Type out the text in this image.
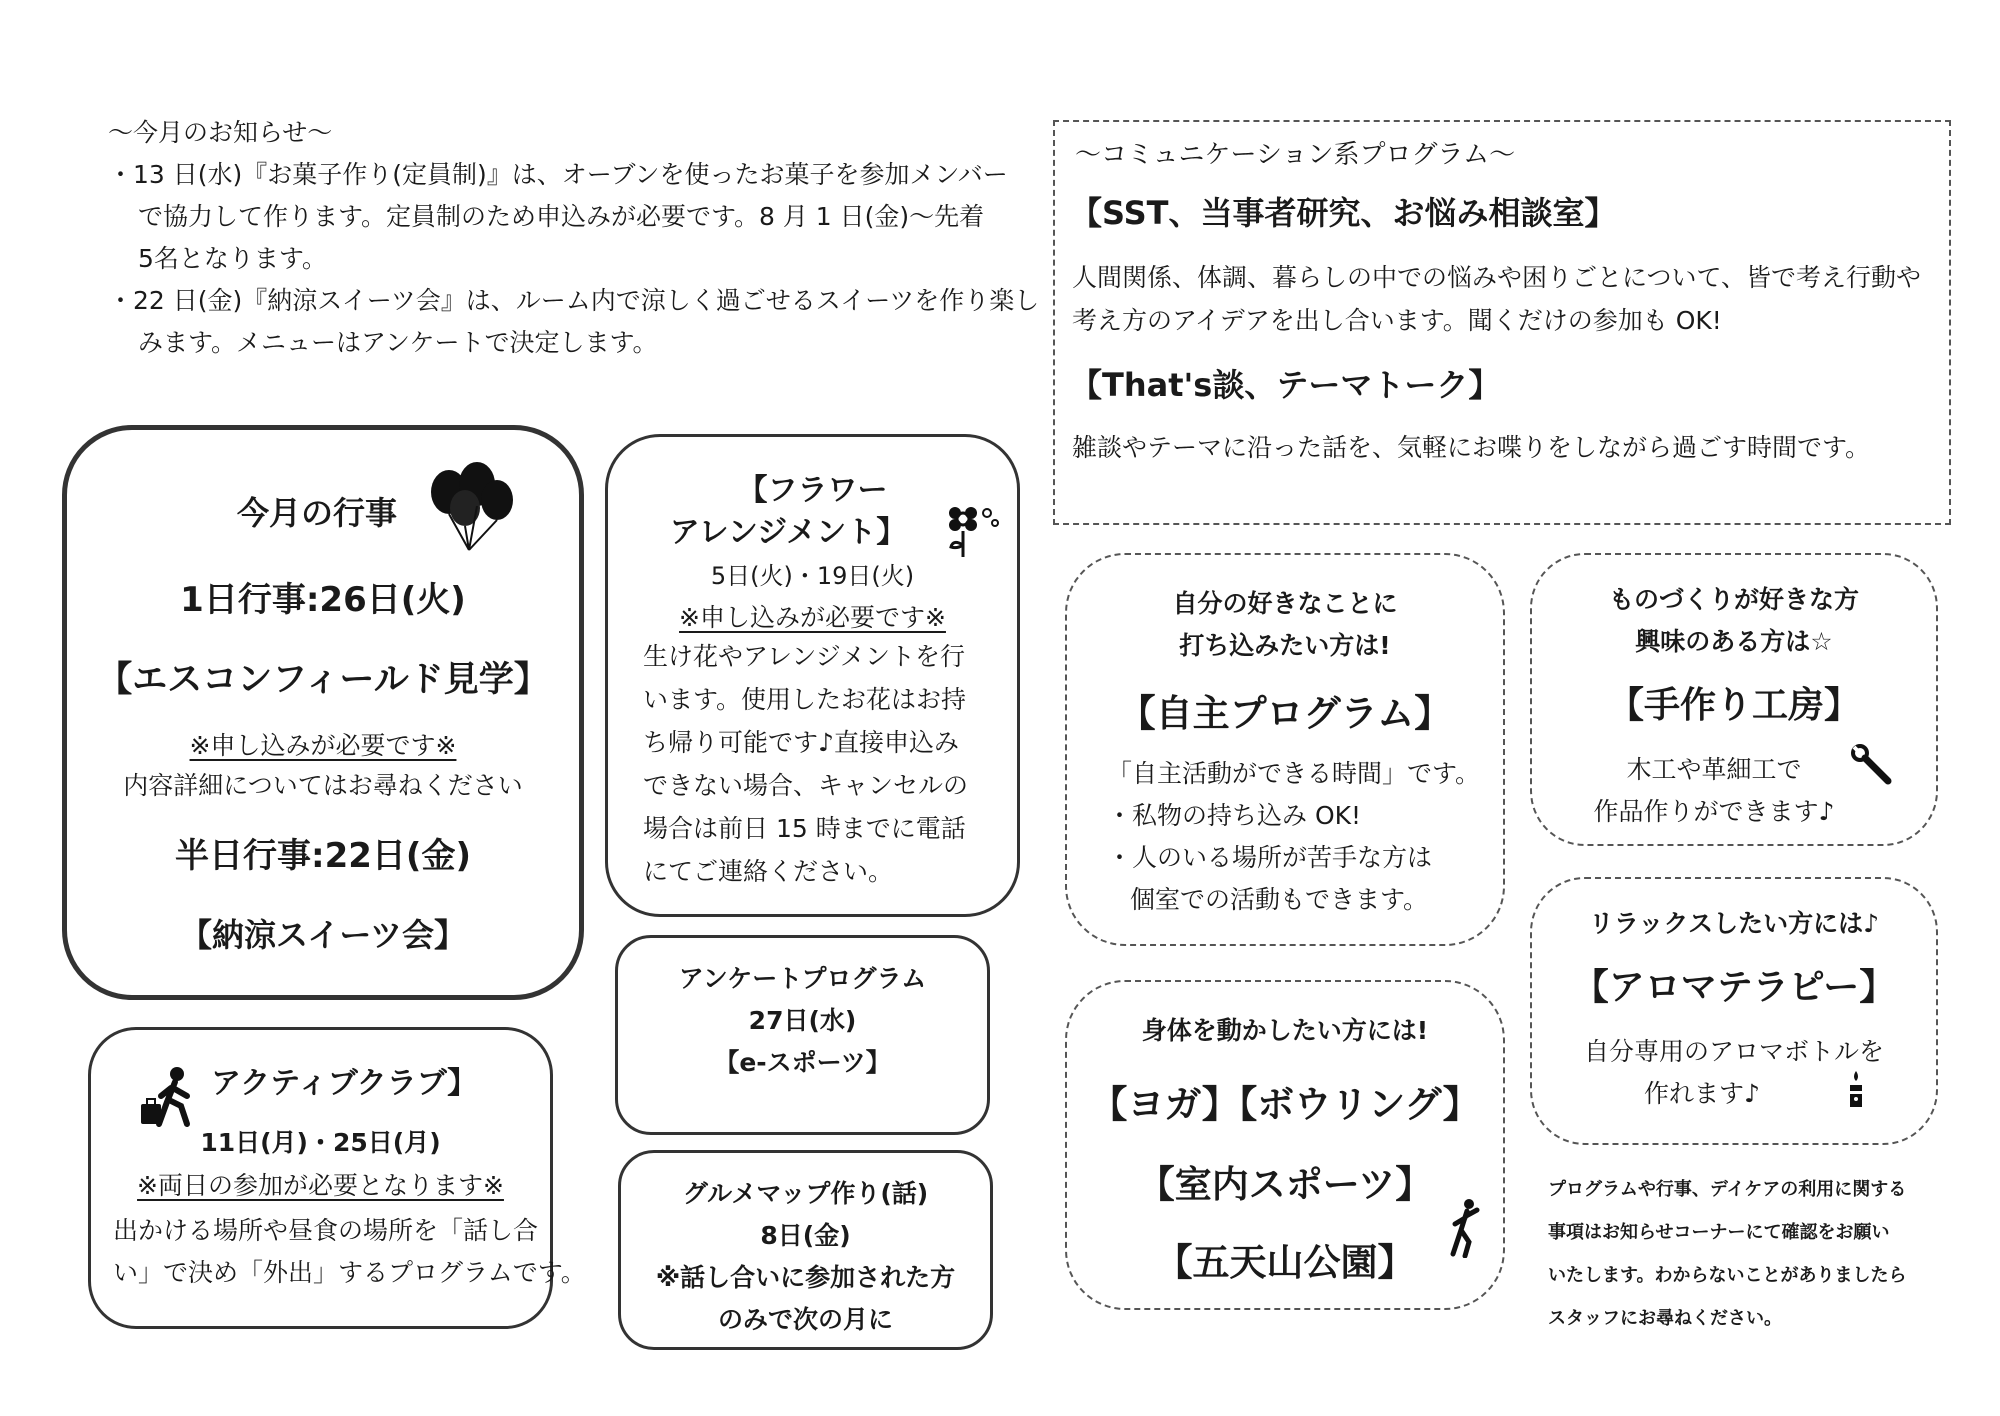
〜今月のお知らせ〜
・13 日(水)『お菓子作り(定員制)』は、オーブンを使ったお菓子を参加メンバー
で協力して作ります。定員制のため申込みが必要です。8 月 1 日(金)〜先着
5名となります。
・22 日(金)『納涼スイーツ会』は、ルーム内で涼しく過ごせるスイーツを作り楽し
みます。メニューはアンケートで決定します。
今月の行事
1日行事:26日(火)
【エスコンフィールド見学】
※申し込みが必要です※
内容詳細についてはお尋ねください
半日行事:22日(金)
【納涼スイーツ会】
アクティブクラブ】
11日(月)・25日(月)
※両日の参加が必要となります※
出かける場所や昼食の場所を「話し合
い」で決め「外出」するプログラムです。
【フラワー
アレンジメント】
5日(火)・19日(火)
※申し込みが必要です※
生け花やアレンジメントを行
います。使用したお花はお持
ち帰り可能です♪直接申込み
できない場合、キャンセルの
場合は前日 15 時までに電話
にてご連絡ください。
アンケートプログラム
27日(水)
【e-スポーツ】
グルメマップ作り(話)
8日(金)
※話し合いに参加された方
のみで次の月に
〜コミュニケーション系プログラム〜
【SST、当事者研究、お悩み相談室】
人間関係、体調、暮らしの中での悩みや困りごとについて、皆で考え行動や
考え方のアイデアを出し合います。聞くだけの参加も OK!
【That's談、テーマトーク】
雑談やテーマに沿った話を、気軽にお喋りをしながら過ごす時間です。
自分の好きなことに
打ち込みたい方は!
【自主プログラム】
「自主活動ができる時間」です。
・私物の持ち込み OK!
・人のいる場所が苦手な方は
個室での活動もできます。
ものづくりが好きな方
興味のある方は☆
【手作り工房】
木工や革細工で
作品作りができます♪
リラックスしたい方には♪
【アロマテラピー】
自分専用のアロマボトルを
作れます♪
身体を動かしたい方には!
【ヨガ】【ボウリング】
【室内スポーツ】
【五天山公園】
プログラムや行事、デイケアの利用に関する
事項はお知らせコーナーにて確認をお願い
いたします。わからないことがありましたら
スタッフにお尋ねください。
